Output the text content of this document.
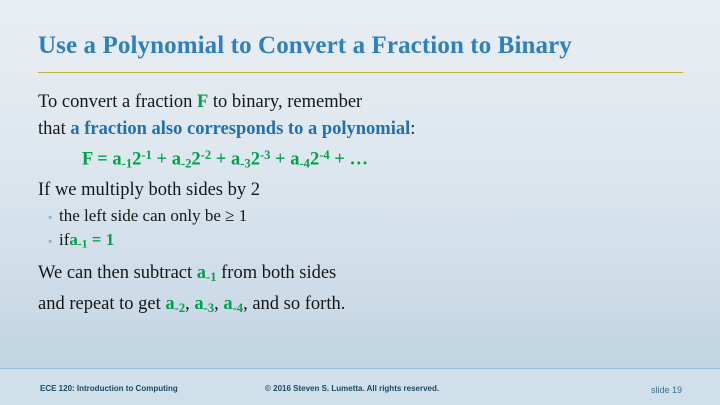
Use a Polynomial to Convert a Fraction to Binary
To convert a fraction F to binary, remember
that a fraction also corresponds to a polynomial:
$F = a_{-1}2^{-1} + a_{-2}2^{-2} + a_{-3}2^{-3} + a_{-4}2^{-4}$ + …
If we multiply both sides by 2
◦ the left side can only be ≥ 1
◦ if $a_{-1} = 1$
We can then subtract $a_{-1}$ from both sides
and repeat to get $a_{-2}$, $a_{-3}$, $a_{-4}$, and so forth.
ECE 120: Introduction to Computing	© 2016 Steven S. Lumetta. All rights reserved.	slide 19
